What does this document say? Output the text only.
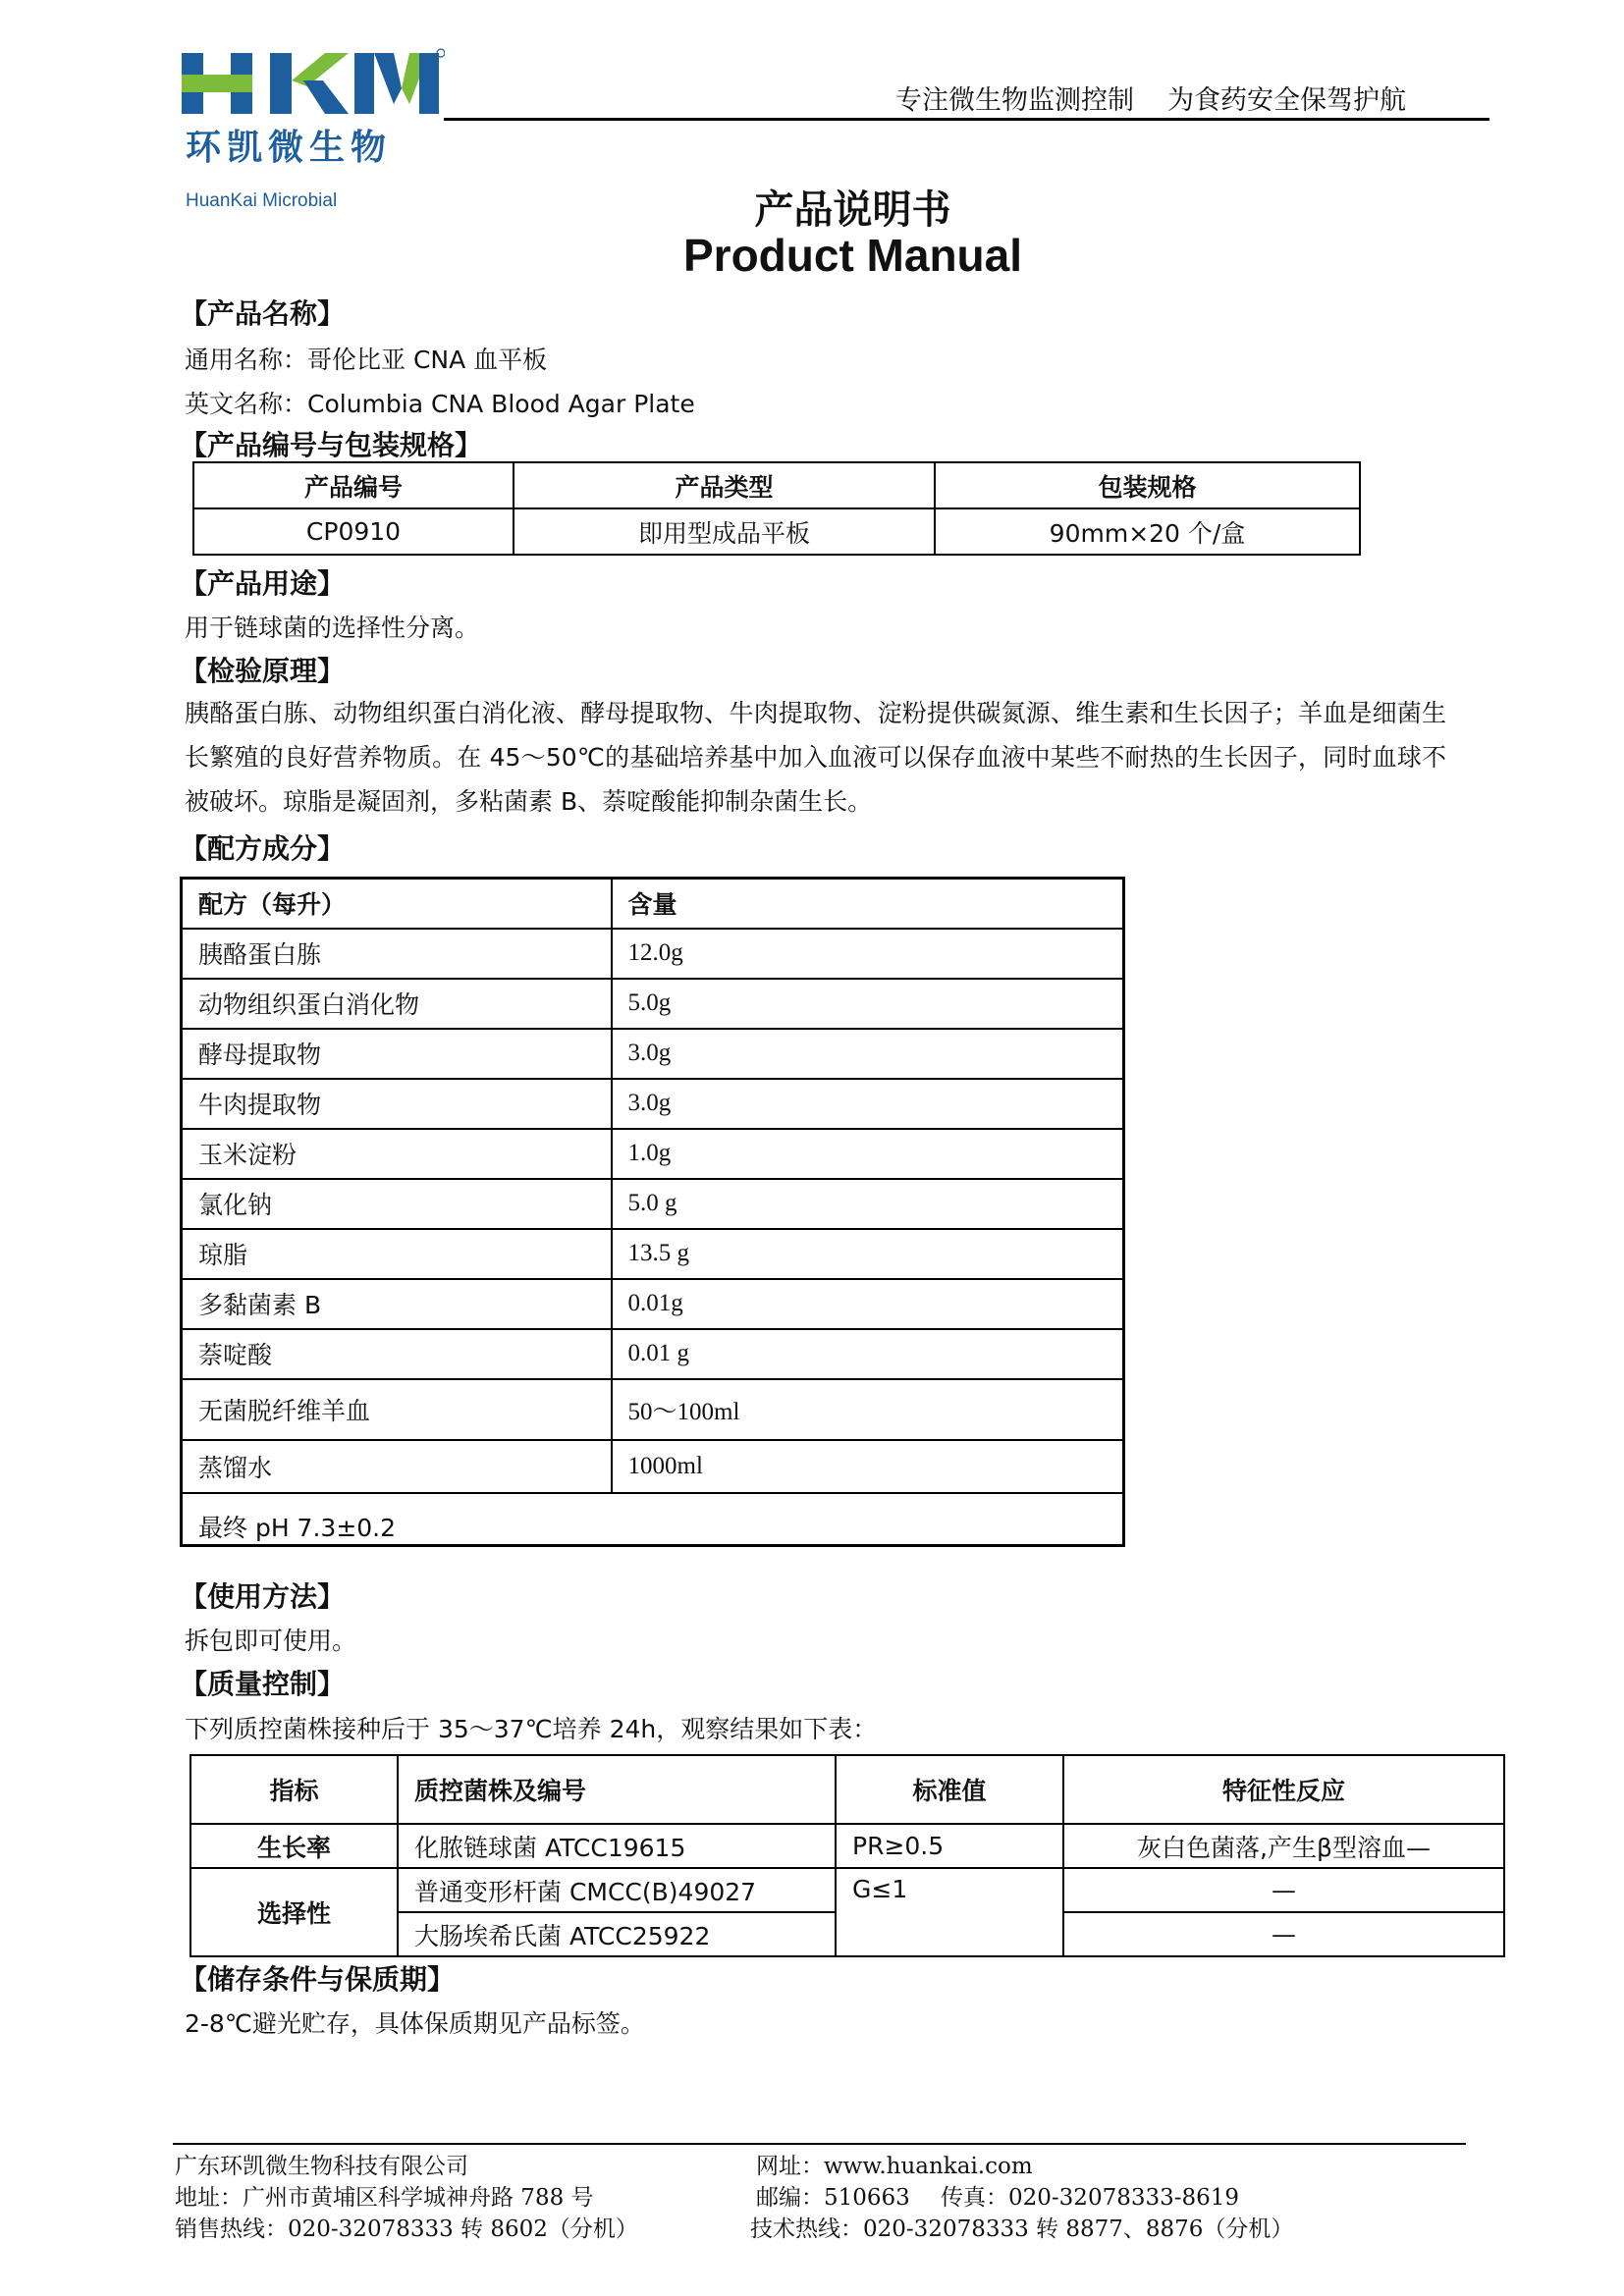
环凯微生物
HuanKai Microbial
专注微生物监测控制 为食药安全保驾护航
产品说明书
Product Manual
【产品名称】
通用名称：哥伦比亚 CNA 血平板
英文名称：Columbia CNA Blood Agar Plate
【产品编号与包装规格】
产品编号	产品类型	包装规格
CP0910	即用型成品平板	90mm×20 个/盒
【产品用途】
用于链球菌的选择性分离。
【检验原理】
胰酪蛋白胨、动物组织蛋白消化液、酵母提取物、牛肉提取物、淀粉提供碳氮源、维生素和生长因子；羊血是细菌生长繁殖的良好营养物质。在 45～50℃的基础培养基中加入血液可以保存血液中某些不耐热的生长因子，同时血球不被破坏。琼脂是凝固剂，多粘菌素 B、萘啶酸能抑制杂菌生长。
【配方成分】
配方（每升）	含量
胰酪蛋白胨	12.0g
动物组织蛋白消化物	5.0g
酵母提取物	3.0g
牛肉提取物	3.0g
玉米淀粉	1.0g
氯化钠	5.0 g
琼脂	13.5 g
多黏菌素 B	0.01g
萘啶酸	0.01 g
无菌脱纤维羊血	50～100ml
蒸馏水	1000ml
最终 pH 7.3±0.2	
【使用方法】
拆包即可使用。
【质量控制】
下列质控菌株接种后于 35～37℃培养 24h，观察结果如下表：
指标	质控菌株及编号	标准值	特征性反应
生长率	化脓链球菌 ATCC19615	PR≥0.5	灰白色菌落,产生β型溶血—
选择性	普通变形杆菌 CMCC(B)49027	G≤1	—
	大肠埃希氏菌 ATCC25922		—
【储存条件与保质期】
2-8℃避光贮存，具体保质期见产品标签。
广东环凯微生物科技有限公司
地址：广州市黄埔区科学城神舟路 788 号
销售热线：020-32078333 转 8602（分机）
网址：www.huankai.com
邮编：510663 传真：020-32078333-8619
技术热线：020-32078333 转 8877、8876（分机）
